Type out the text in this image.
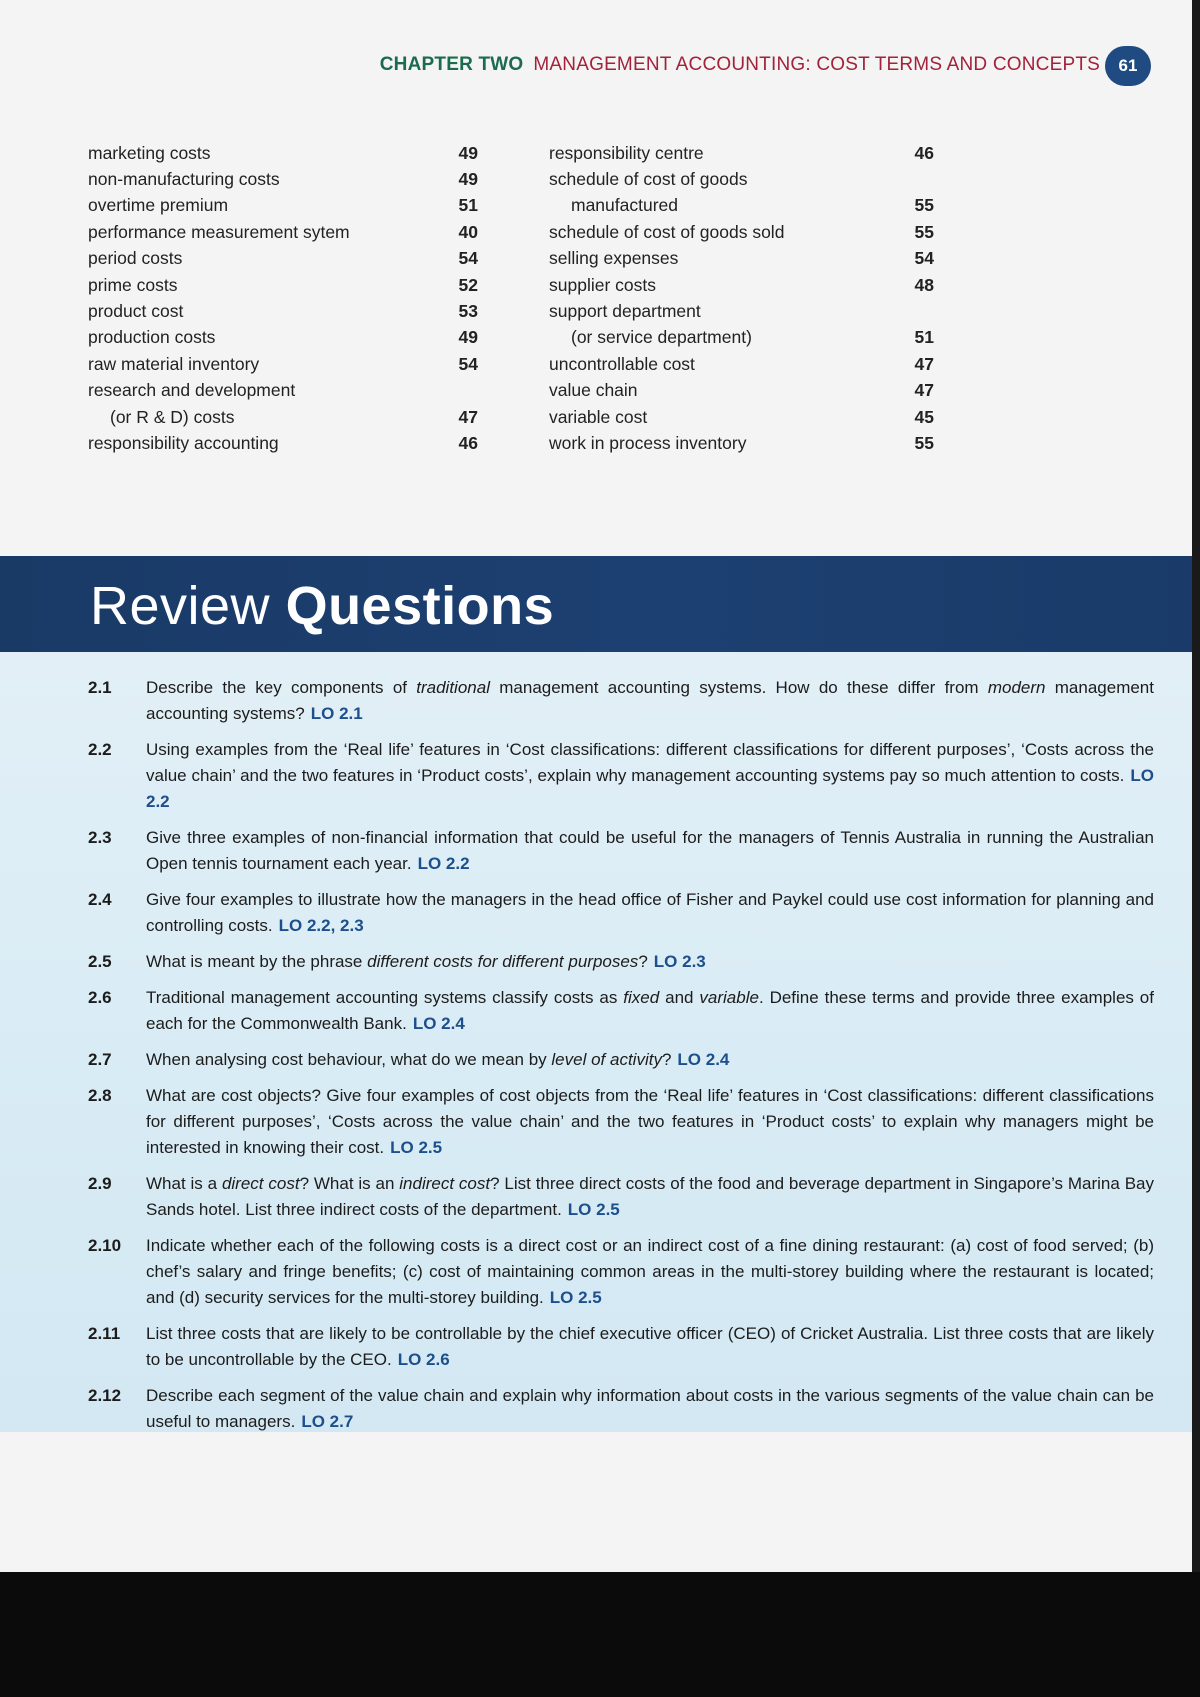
CHAPTER TWO MANAGEMENT ACCOUNTING: COST TERMS AND CONCEPTS	61
marketing costs	49
non-manufacturing costs	49
overtime premium	51
performance measurement sytem	40
period costs	54
prime costs	52
product cost	53
production costs	49
raw material inventory	54
research and development
(or R & D) costs	47
responsibility accounting	46
responsibility centre	46
schedule of cost of goods
manufactured	55
schedule of cost of goods sold	55
selling expenses	54
supplier costs	48
support department
(or service department)	51
uncontrollable cost	47
value chain	47
variable cost	45
work in process inventory	55
Review Questions
2.1	Describe the key components of traditional management accounting systems. How do these differ from modern management accounting systems? LO 2.1
2.2	Using examples from the ‘Real life’ features in ‘Cost classifications: different classifications for different purposes’, ‘Costs across the value chain’ and the two features in ‘Product costs’, explain why management accounting systems pay so much attention to costs. LO 2.2
2.3	Give three examples of non-financial information that could be useful for the managers of Tennis Australia in running the Australian Open tennis tournament each year. LO 2.2
2.4	Give four examples to illustrate how the managers in the head office of Fisher and Paykel could use cost information for planning and controlling costs. LO 2.2, 2.3
2.5	What is meant by the phrase different costs for different purposes? LO 2.3
2.6	Traditional management accounting systems classify costs as fixed and variable. Define these terms and provide three examples of each for the Commonwealth Bank. LO 2.4
2.7	When analysing cost behaviour, what do we mean by level of activity? LO 2.4
2.8	What are cost objects? Give four examples of cost objects from the ‘Real life’ features in ‘Cost classifications: different classifications for different purposes’, ‘Costs across the value chain’ and the two features in ‘Product costs’ to explain why managers might be interested in knowing their cost. LO 2.5
2.9	What is a direct cost? What is an indirect cost? List three direct costs of the food and beverage department in Singapore’s Marina Bay Sands hotel. List three indirect costs of the department. LO 2.5
2.10	Indicate whether each of the following costs is a direct cost or an indirect cost of a fine dining restaurant: (a) cost of food served; (b) chef’s salary and fringe benefits; (c) cost of maintaining common areas in the multi-storey building where the restaurant is located; and (d) security services for the multi-storey building. LO 2.5
2.11	List three costs that are likely to be controllable by the chief executive officer (CEO) of Cricket Australia. List three costs that are likely to be uncontrollable by the CEO. LO 2.6
2.12	Describe each segment of the value chain and explain why information about costs in the various segments of the value chain can be useful to managers. LO 2.7
